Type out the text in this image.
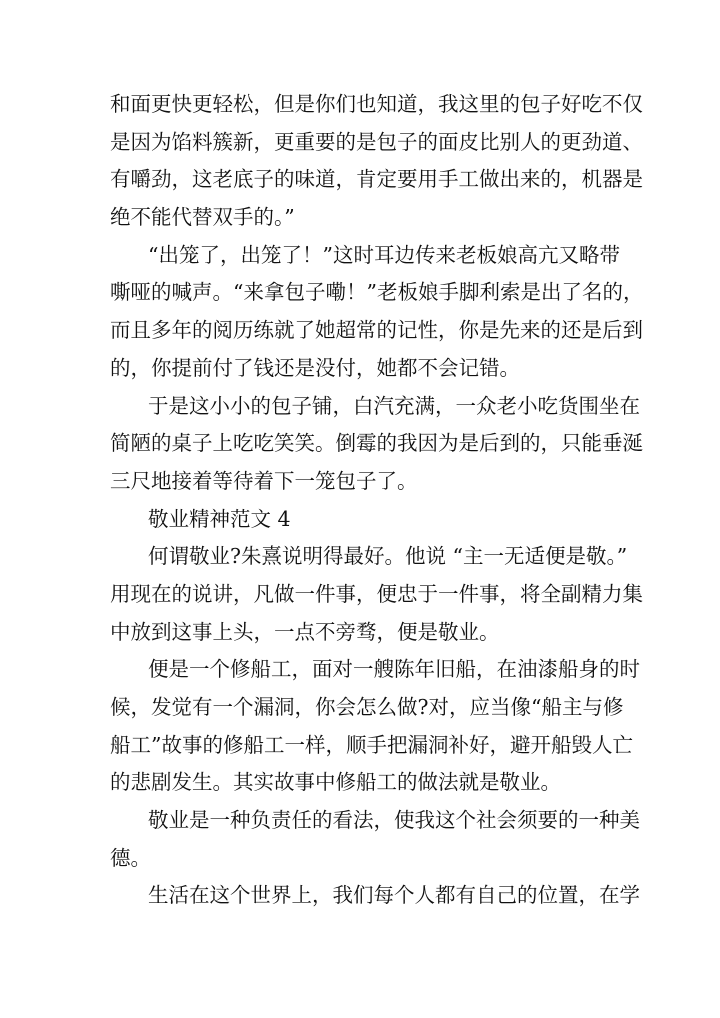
和面更快更轻松，但是你们也知道，我这里的包子好吃不仅
是因为馅料簇新，更重要的是包子的面皮比别人的更劲道、
有嚼劲，这老底子的味道，肯定要用手工做出来的，机器是
绝不能代替双手的。”
“出笼了，出笼了！”这时耳边传来老板娘高亢又略带
嘶哑的喊声。“来拿包子嘞！”老板娘手脚利索是出了名的，
而且多年的阅历练就了她超常的记性，你是先来的还是后到
的，你提前付了钱还是没付，她都不会记错。
于是这小小的包子铺，白汽充满，一众老小吃货围坐在
简陋的桌子上吃吃笑笑。倒霉的我因为是后到的，只能垂涎
三尺地接着等待着下一笼包子了。
敬业精神范文 4
何谓敬业?朱熹说明得最好。他说 “主一无适便是敬。”
用现在的说讲，凡做一件事，便忠于一件事，将全副精力集
中放到这事上头，一点不旁骛，便是敬业。
便是一个修船工，面对一艘陈年旧船，在油漆船身的时
候，发觉有一个漏洞，你会怎么做?对，应当像“船主与修
船工”故事的修船工一样，顺手把漏洞补好，避开船毁人亡
的悲剧发生。其实故事中修船工的做法就是敬业。
敬业是一种负责任的看法，使我这个社会须要的一种美
德。
生活在这个世界上，我们每个人都有自己的位置，在学
